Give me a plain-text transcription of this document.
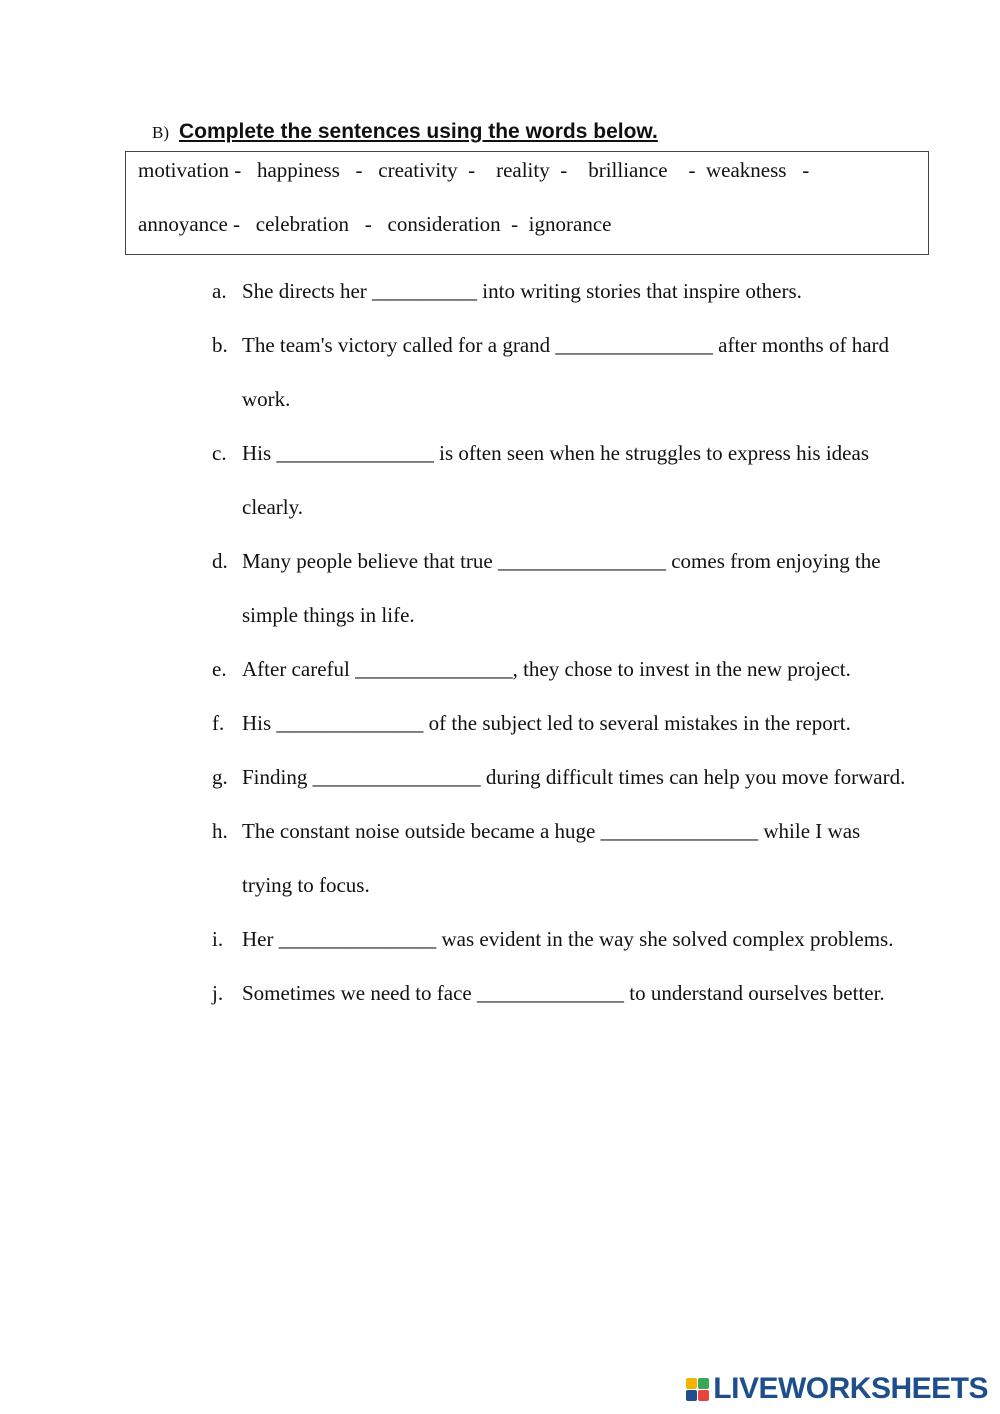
B) Complete the sentences using the words below.
motivation -   happiness   -   creativity  -    reality  -    brilliance    -  weakness   -
annoyance -   celebration   -   consideration  -  ignorance
a. She directs her __________ into writing stories that inspire others.
b. The team's victory called for a grand _______________ after months of hard work.
c. His _______________ is often seen when he struggles to express his ideas clearly.
d. Many people believe that true ________________ comes from enjoying the simple things in life.
e. After careful _______________, they chose to invest in the new project.
f. His ______________ of the subject led to several mistakes in the report.
g. Finding ________________ during difficult times can help you move forward.
h. The constant noise outside became a huge _______________ while I was trying to focus.
i. Her _______________ was evident in the way she solved complex problems.
j. Sometimes we need to face ______________ to understand ourselves better.
LIVEWORKSHEETS
